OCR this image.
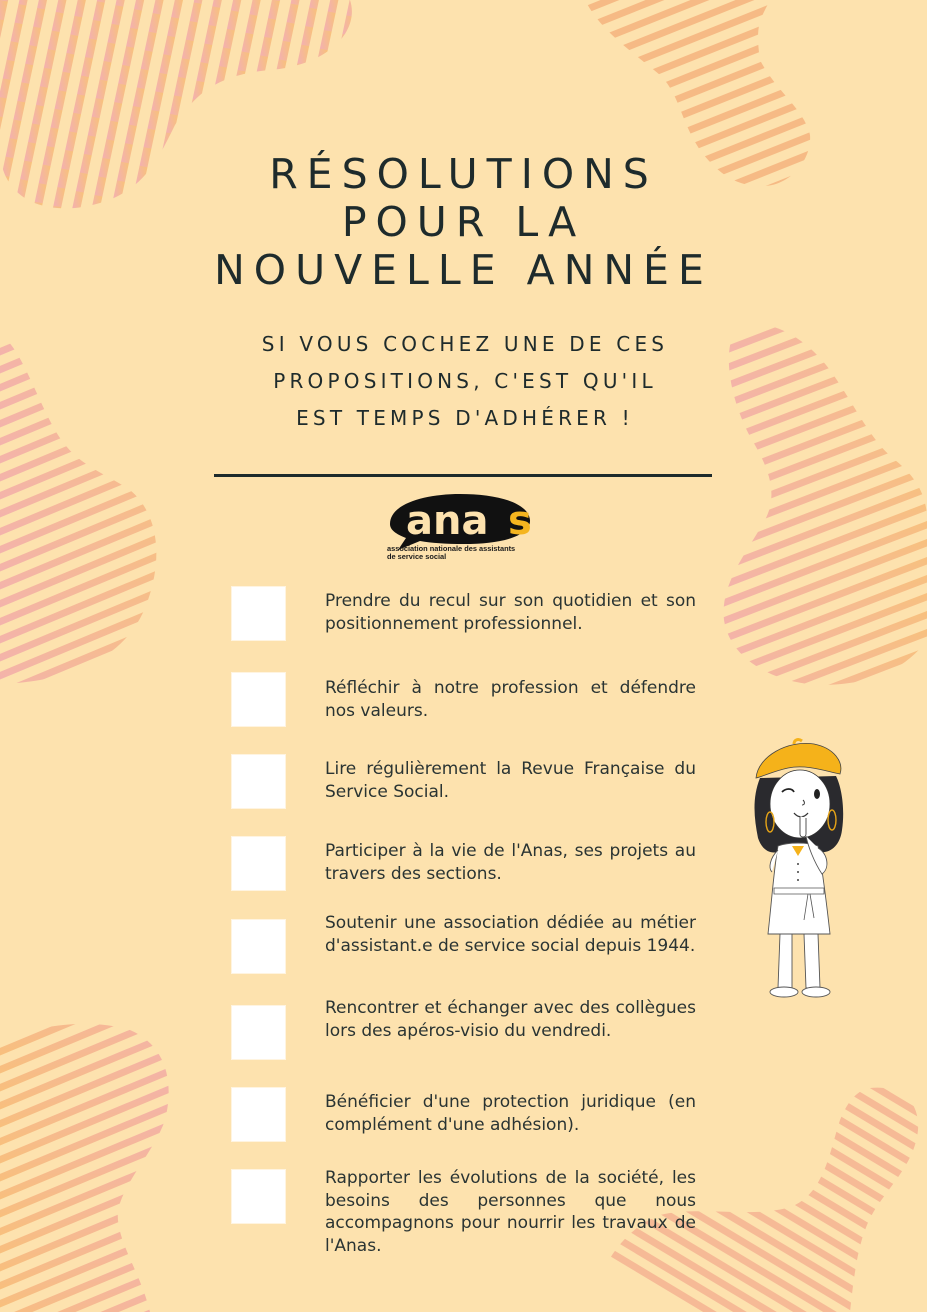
RÉSOLUTIONS
POUR LA
NOUVELLE ANNÉE
SI VOUS COCHEZ UNE DE CES
PROPOSITIONS, C'EST QU'IL
EST TEMPS D'ADHÉRER !
ana s
association nationale des assistants
de service social

Prendre du recul sur son quotidien et son positionnement professionnel.

Réfléchir à notre profession et défendre nos valeurs.

Lire régulièrement la Revue Française du Service Social.

Participer à la vie de l'Anas, ses projets au travers des sections.

Soutenir une association dédiée au métier d'assistant.e de service social depuis 1944.

Rencontrer et échanger avec des collègues lors des apéros-visio du vendredi.

Bénéficier d'une protection juridique (en complément d'une adhésion).

Rapporter les évolutions de la société, les besoins des personnes que nous accompagnons pour nourrir les travaux de l'Anas.
